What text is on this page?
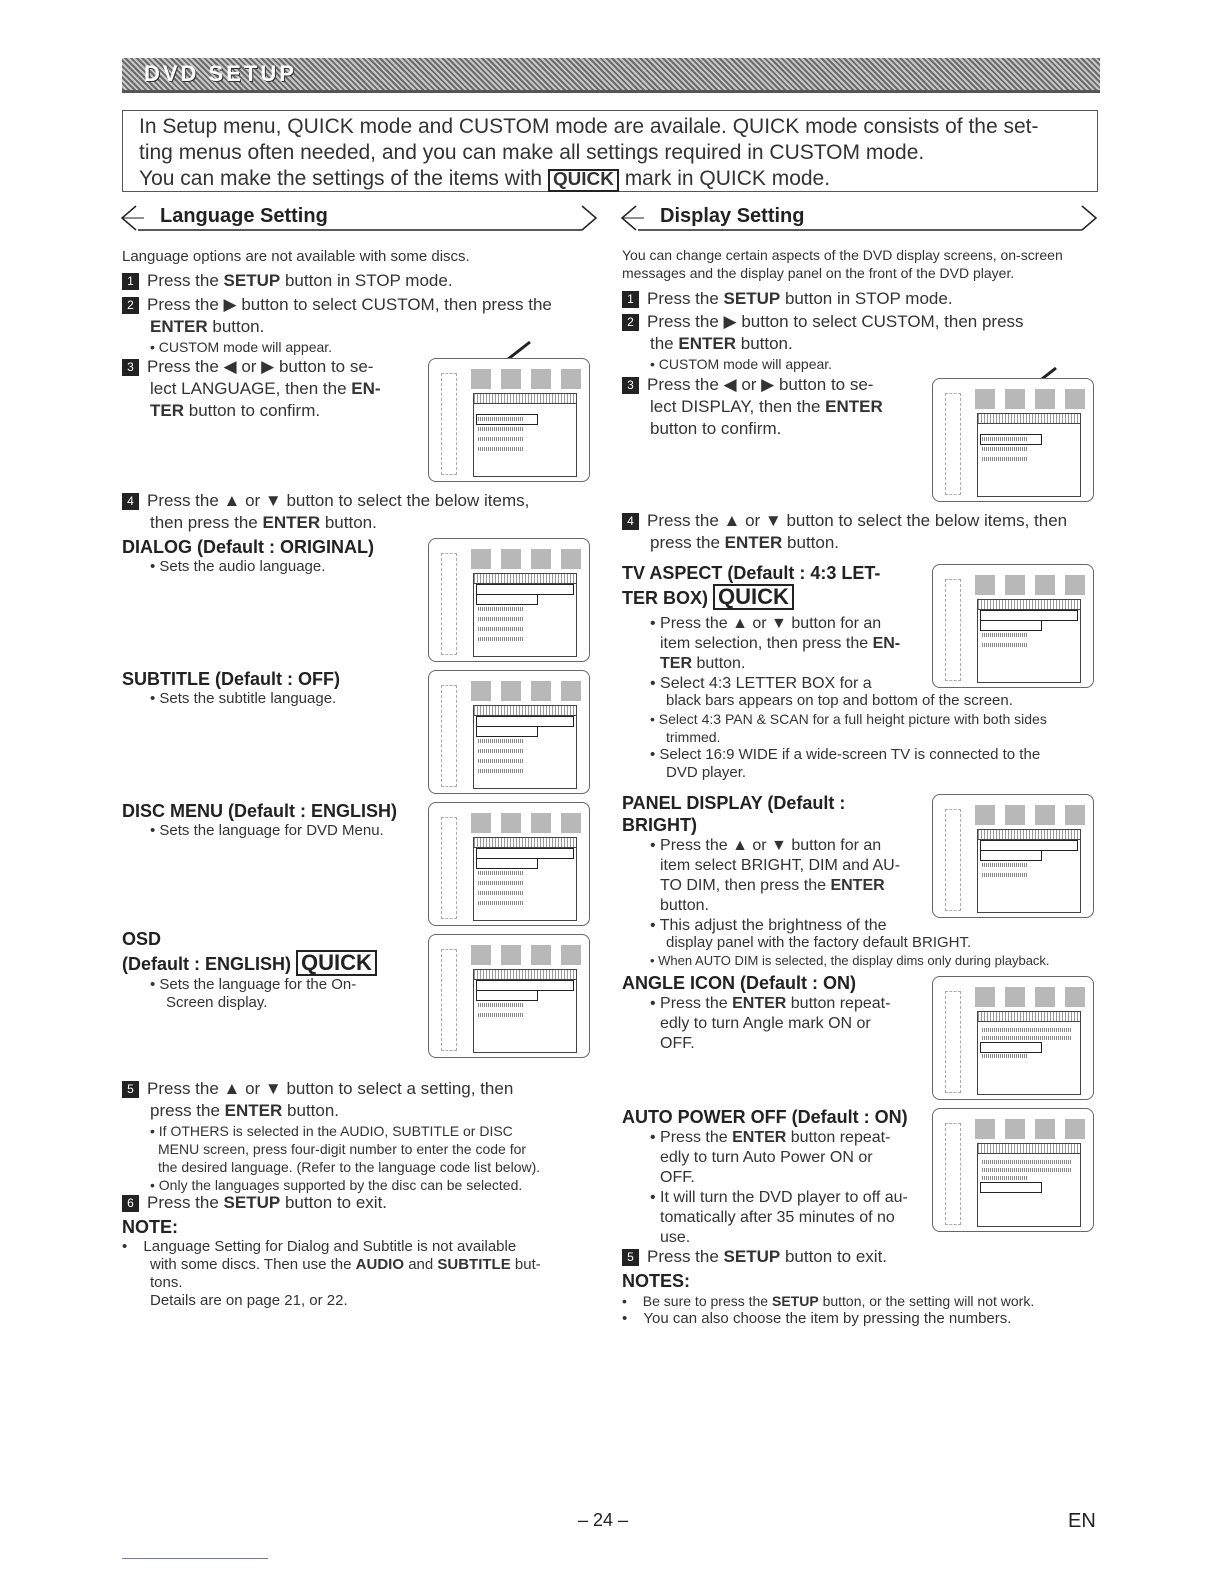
DVD SETUP
In Setup menu, QUICK mode and CUSTOM mode are availale. QUICK mode consists of the set-
ting menus often needed, and you can make all settings required in CUSTOM mode.
You can make the settings of the items with QUICK mark in QUICK mode.
Language Setting
Language options are not available with some discs.
1 Press the SETUP button in STOP mode.
2 Press the ▶ button to select CUSTOM, then press the
ENTER button.
• CUSTOM mode will appear.
3 Press the ◀ or ▶ button to se-
lect LANGUAGE, then the EN-
TER button to confirm.
4 Press the ▲ or ▼ button to select the below items,
then press the ENTER button.
DIALOG (Default : ORIGINAL)
• Sets the audio language.
SUBTITLE (Default : OFF)
• Sets the subtitle language.
DISC MENU (Default : ENGLISH)
• Sets the language for DVD Menu.
OSD
(Default : ENGLISH) QUICK
• Sets the language for the On-
Screen display.
5 Press the ▲ or ▼ button to select a setting, then
press the ENTER button.
• If OTHERS is selected in the AUDIO, SUBTITLE or DISC
MENU screen, press four-digit number to enter the code for
the desired language. (Refer to the language code list below).
• Only the languages supported by the disc can be selected.
6 Press the SETUP button to exit.
NOTE:
• Language Setting for Dialog and Subtitle is not available
with some discs. Then use the AUDIO and SUBTITLE but-
tons.
Details are on page 21, or 22.
Display Setting
You can change certain aspects of the DVD display screens, on-screen
messages and the display panel on the front of the DVD player.
1 Press the SETUP button in STOP mode.
2 Press the ▶ button to select CUSTOM, then press
the ENTER button.
• CUSTOM mode will appear.
3 Press the ◀ or ▶ button to se-
lect DISPLAY, then the ENTER
button to confirm.
4 Press the ▲ or ▼ button to select the below items, then
press the ENTER button.
TV ASPECT (Default : 4:3 LET-
TER BOX) QUICK
• Press the ▲ or ▼ button for an
item selection, then press the EN-
TER button.
• Select 4:3 LETTER BOX for a
black bars appears on top and bottom of the screen.
• Select 4:3 PAN & SCAN for a full height picture with both sides
trimmed.
• Select 16:9 WIDE if a wide-screen TV is connected to the
DVD player.
PANEL DISPLAY (Default :
BRIGHT)
• Press the ▲ or ▼ button for an
item select BRIGHT, DIM and AU-
TO DIM, then press the ENTER
button.
• This adjust the brightness of the
display panel with the factory default BRIGHT.
• When AUTO DIM is selected, the display dims only during playback.
ANGLE ICON (Default : ON)
• Press the ENTER button repeat-
edly to turn Angle mark ON or
OFF.
AUTO POWER OFF (Default : ON)
• Press the ENTER button repeat-
edly to turn Auto Power ON or
OFF.
• It will turn the DVD player to off au-
tomatically after 35 minutes of no
use.
5 Press the SETUP button to exit.
NOTES:
• Be sure to press the SETUP button, or the setting will not work.
• You can also choose the item by pressing the numbers.
– 24 –	EN
